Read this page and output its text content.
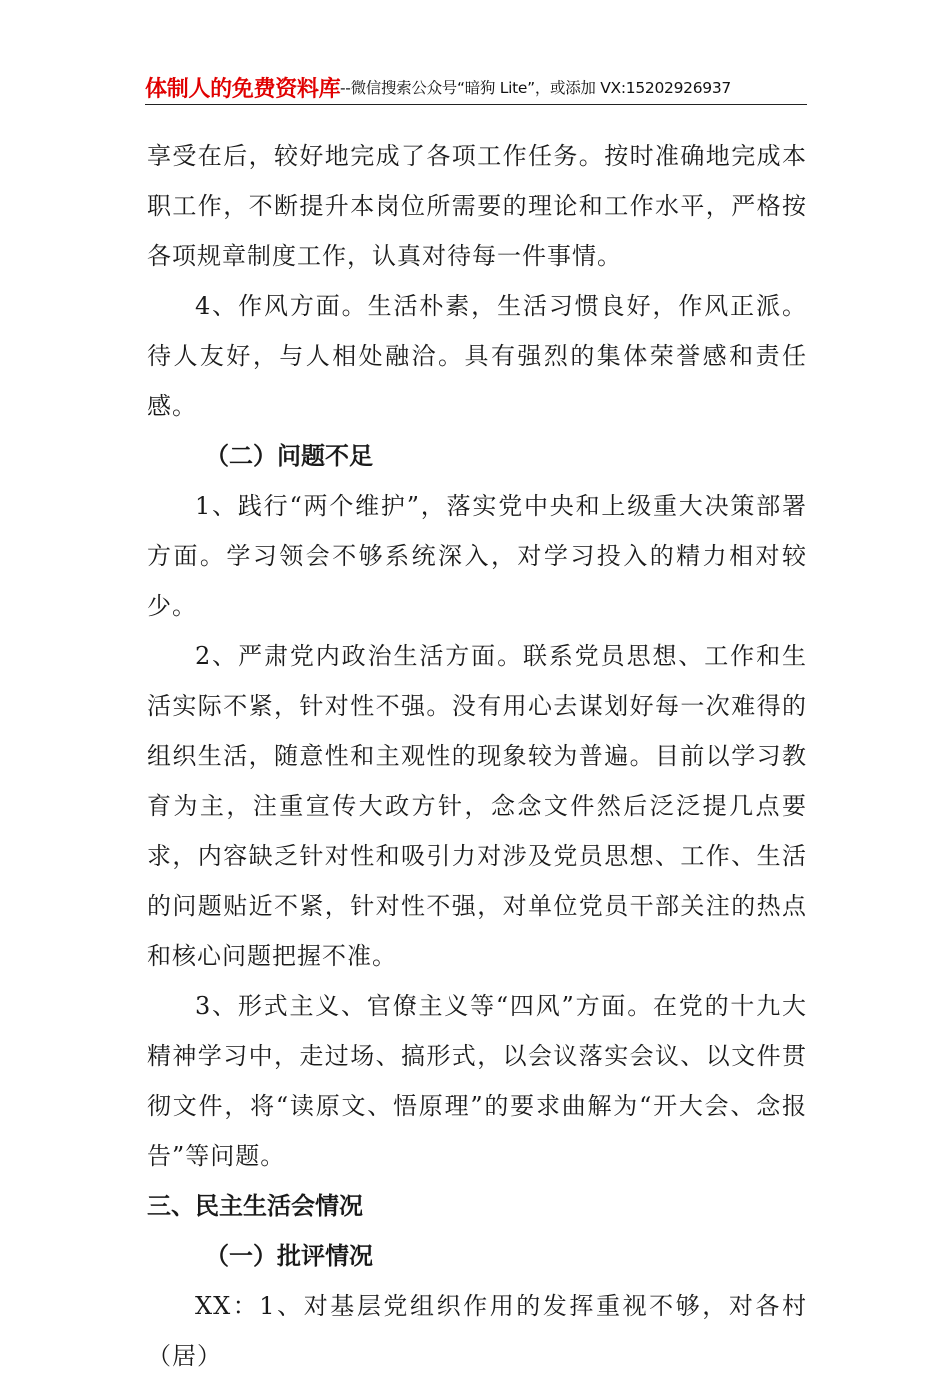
体制人的免费资料库 --微信搜索公众号“暗狗 Lite”，或添加 VX:15202926937

享受在后，较好地完成了各项工作任务。按时准确地完成本职工作，不断提升本岗位所需要的理论和工作水平，严格按各项规章制度工作，认真对待每一件事情。

4、作风方面。生活朴素，生活习惯良好，作风正派。待人友好，与人相处融洽。具有强烈的集体荣誉感和责任感。

（二）问题不足

1、践行“两个维护”，落实党中央和上级重大决策部署方面。学习领会不够系统深入，对学习投入的精力相对较少。

2、严肃党内政治生活方面。联系党员思想、工作和生活实际不紧，针对性不强。没有用心去谋划好每一次难得的组织生活，随意性和主观性的现象较为普遍。目前以学习教育为主，注重宣传大政方针，念念文件然后泛泛提几点要求，内容缺乏针对性和吸引力对涉及党员思想、工作、生活的问题贴近不紧，针对性不强，对单位党员干部关注的热点和核心问题把握不准。

3、形式主义、官僚主义等“四风”方面。在党的十九大精神学习中，走过场、搞形式，以会议落实会议、以文件贯彻文件，将“读原文、悟原理”的要求曲解为“开大会、念报告”等问题。

三、民主生活会情况

（一）批评情况

XX：1、对基层党组织作用的发挥重视不够，对各村（居）
